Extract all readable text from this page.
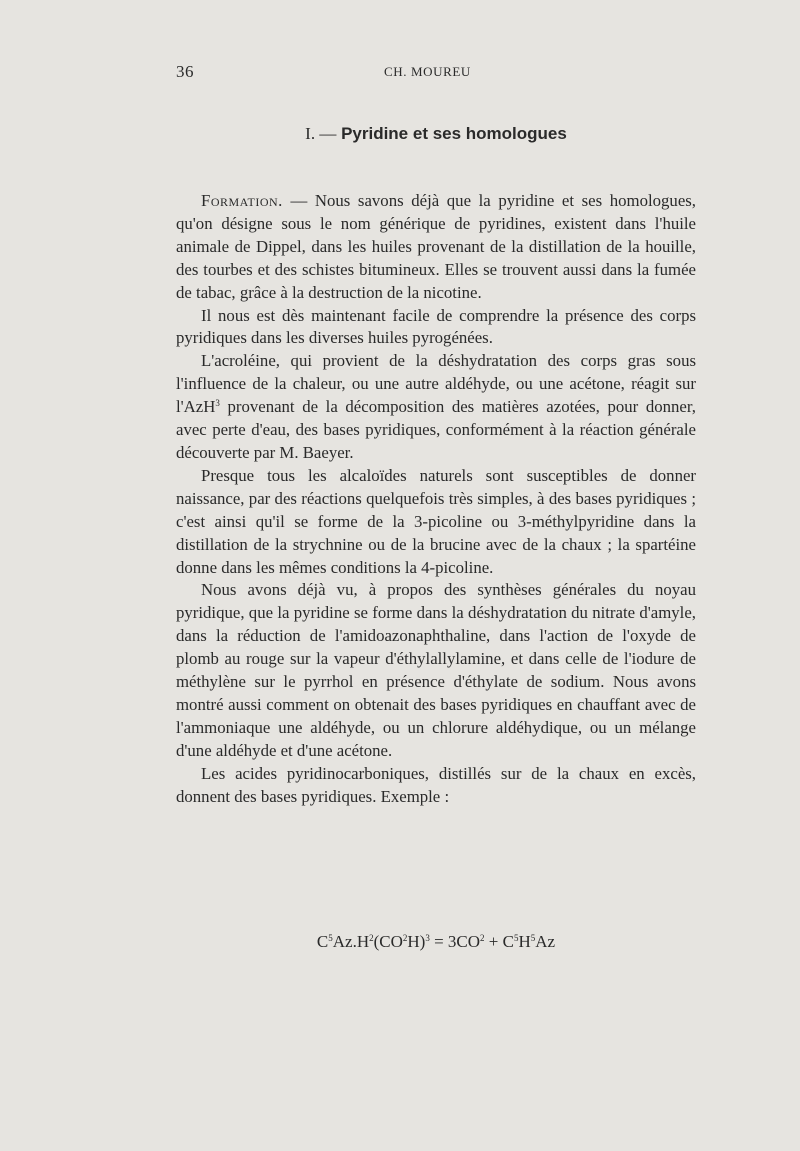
36	CH. MOUREU
I. — Pyridine et ses homologues

Formation. — Nous savons déjà que la pyridine et ses homologues, qu'on désigne sous le nom générique de pyridines, existent dans l'huile animale de Dippel, dans les huiles provenant de la distillation de la houille, des tourbes et des schistes bitumineux. Elles se trouvent aussi dans la fumée de tabac, grâce à la destruction de la nicotine.

Il nous est dès maintenant facile de comprendre la présence des corps pyridiques dans les diverses huiles pyrogénées.

L'acroléine, qui provient de la déshydratation des corps gras sous l'influence de la chaleur, ou une autre aldéhyde, ou une acétone, réagit sur l'AzH$^3$ provenant de la décomposition des matières azotées, pour donner, avec perte d'eau, des bases pyridiques, conformément à la réaction générale découverte par M. Baeyer.

Presque tous les alcaloïdes naturels sont susceptibles de donner naissance, par des réactions quelquefois très simples, à des bases pyridiques ; c'est ainsi qu'il se forme de la 3-picoline ou 3-méthylpyridine dans la distillation de la strychnine ou de la brucine avec de la chaux ; la spartéine donne dans les mêmes conditions la 4-picoline.

Nous avons déjà vu, à propos des synthèses générales du noyau pyridique, que la pyridine se forme dans la déshydratation du nitrate d'amyle, dans la réduction de l'amidoazonaphthaline, dans l'action de l'oxyde de plomb au rouge sur la vapeur d'éthylallylamine, et dans celle de l'iodure de méthylène sur le pyrrhol en présence d'éthylate de sodium. Nous avons montré aussi comment on obtenait des bases pyridiques en chauffant avec de l'ammoniaque une aldéhyde, ou un chlorure aldéhydique, ou un mélange d'une aldéhyde et d'une acétone.

Les acides pyridinocarboniques, distillés sur de la chaux en excès, donnent des bases pyridiques. Exemple :

$C^5Az.H^2(CO^2H)^3 = 3CO^2 + C^5H^5Az$
